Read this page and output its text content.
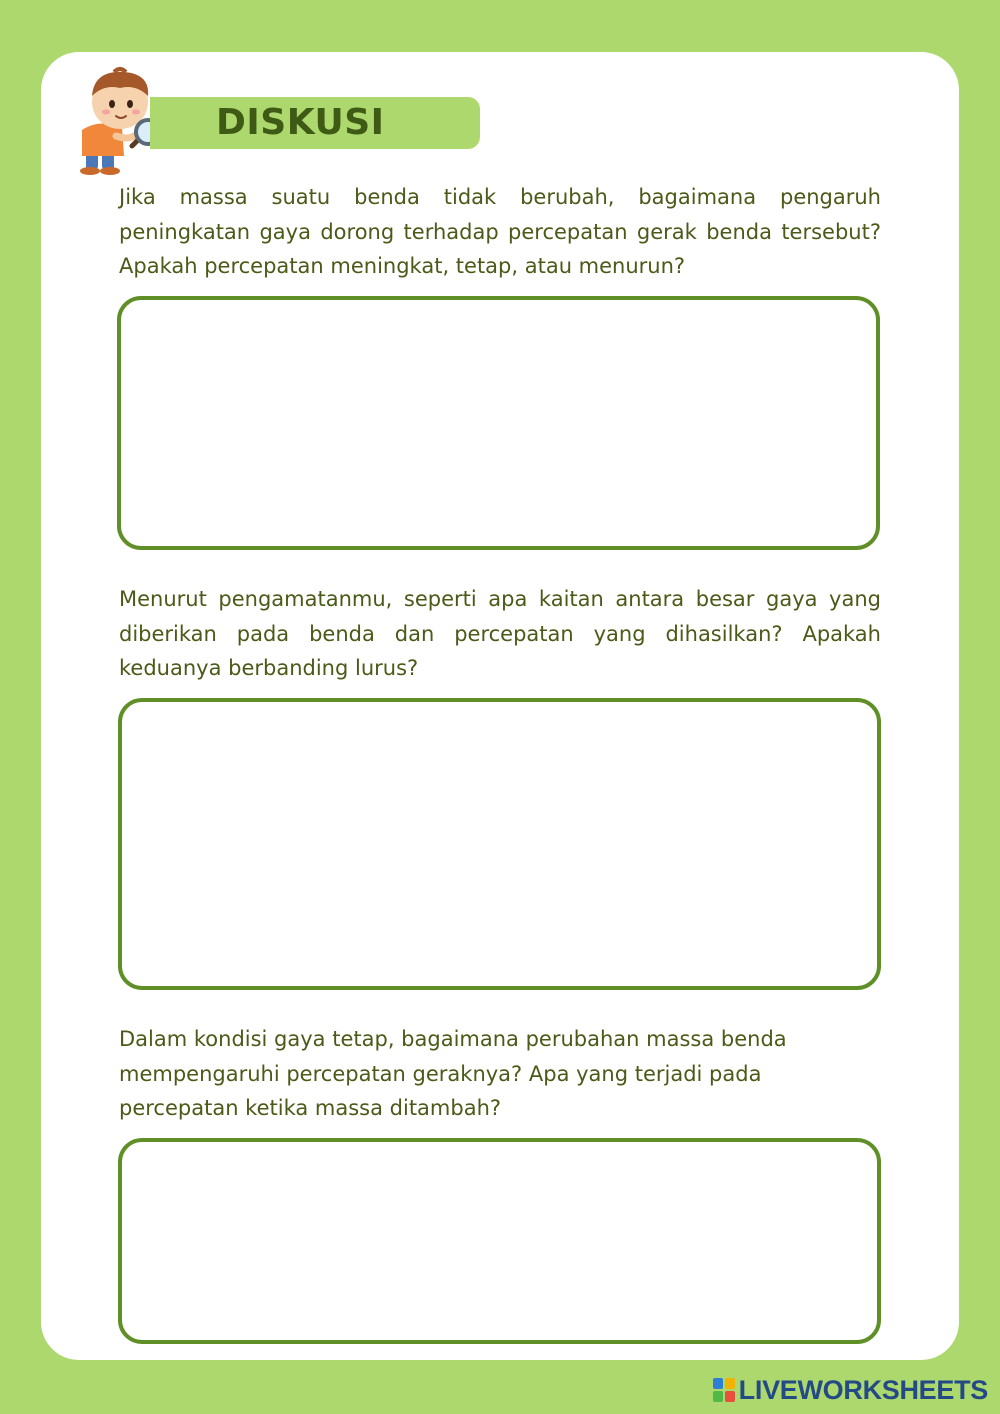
DISKUSI

Jika massa suatu benda tidak berubah, bagaimana pengaruh peningkatan gaya dorong terhadap percepatan gerak benda tersebut? Apakah percepatan meningkat, tetap, atau menurun?

Menurut pengamatanmu, seperti apa kaitan antara besar gaya yang diberikan pada benda dan percepatan yang dihasilkan? Apakah keduanya berbanding lurus?

Dalam kondisi gaya tetap, bagaimana perubahan massa benda mempengaruhi percepatan geraknya? Apa yang terjadi pada percepatan ketika massa ditambah?

LIVEWORKSHEETS
